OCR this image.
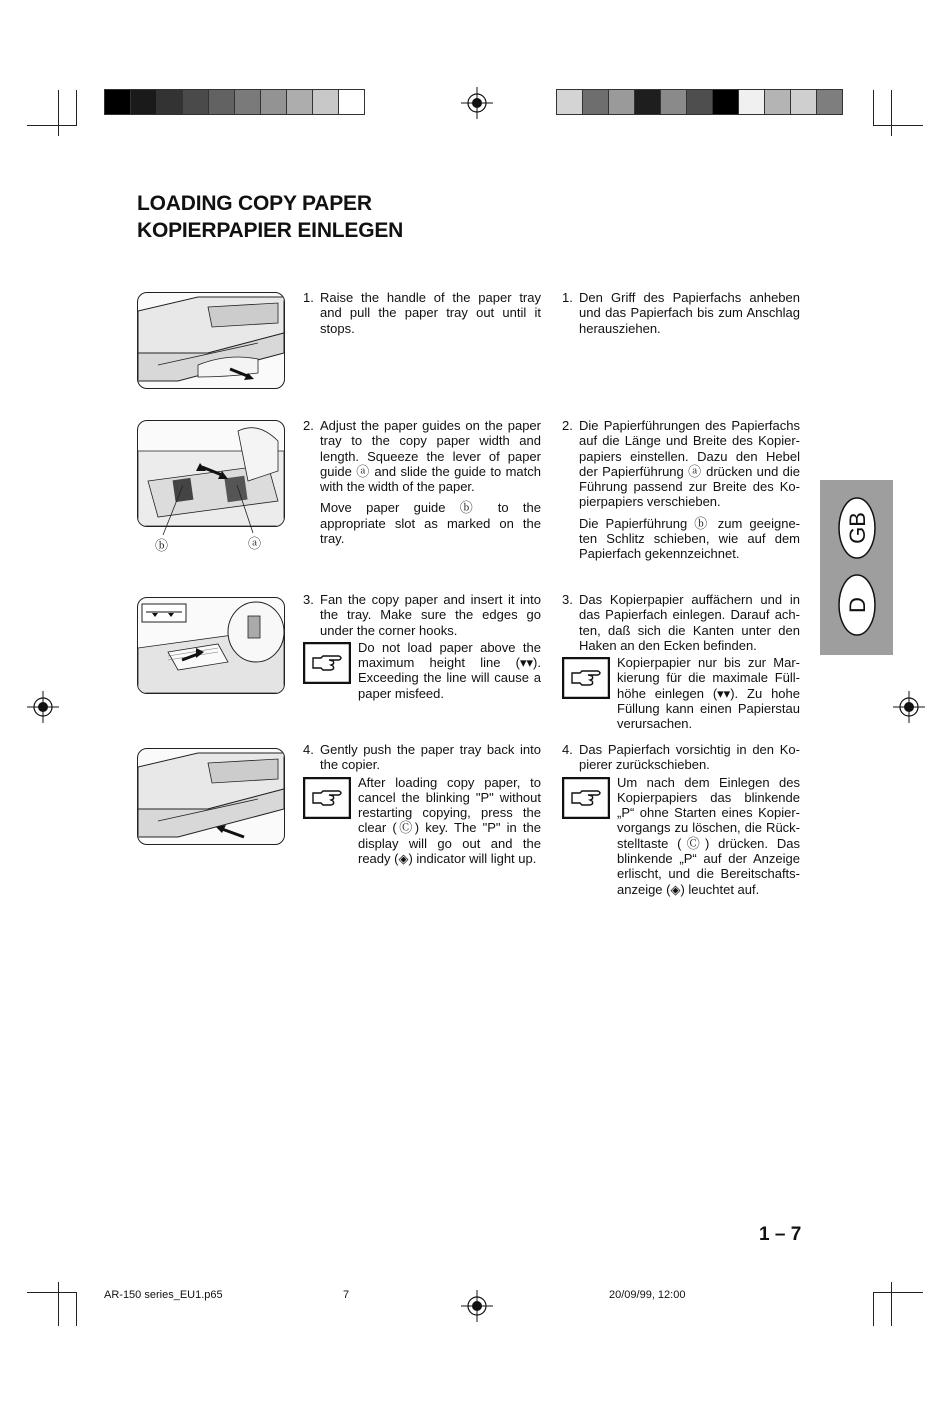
LOADING COPY PAPER
KOPIERPAPIER EINLEGEN
ⓑ	ⓐ
1. Raise the handle of the paper tray and pull the paper tray out until it stops.
2. Adjust the paper guides on the paper tray to the copy paper width and length. Squeeze the lever of paper guide ⓐ and slide the guide to match with the width of the paper.

Move paper guide ⓑ to the appropriate slot as marked on the tray.

3. Fan the copy paper and insert it into the tray. Make sure the edges go under the corner hooks.

Do not load paper above the maximum height line (▾▾). Exceeding the line will cause a paper misfeed.

4. Gently push the paper tray back into the copier.

After loading copy paper, to cancel the blinking "P" without restarting copying, press the clear (Ⓒ) key. The "P" in the display will go out and the ready (◈) indicator will light up.

1. Den Griff des Papierfachs anheben und das Papierfach bis zum Anschlag herausziehen.
2. Die Papierführungen des Papierfachs auf die Länge und Breite des Kopier-papiers einstellen. Dazu den Hebel der Papierführung ⓐ drücken und die Führung passend zur Breite des Ko-pierpapiers verschieben.

Die Papierführung ⓑ zum geeigne-ten Schlitz schieben, wie auf dem Papierfach gekennzeichnet.

3. Das Kopierpapier auffächern und in das Papierfach einlegen. Darauf ach-ten, daß sich die Kanten unter den Haken an den Ecken befinden.

Kopierpapier nur bis zur Mar-kierung für die maximale Füll-höhe einlegen (▾▾). Zu hohe Füllung kann einen Papierstau verursachen.

4. Das Papierfach vorsichtig in den Ko-pierer zurückschieben.

Um nach dem Einlegen des Kopierpapiers das blinkende „P“ ohne Starten eines Kopier-vorgangs zu löschen, die Rück-stelltaste (Ⓒ) drücken. Das blinkende „P“ auf der Anzeige erlischt, und die Bereitschafts-anzeige (◈) leuchtet auf.

GB
D
1 – 7
AR-150 series_EU1.p65	7	20/09/99, 12:00
